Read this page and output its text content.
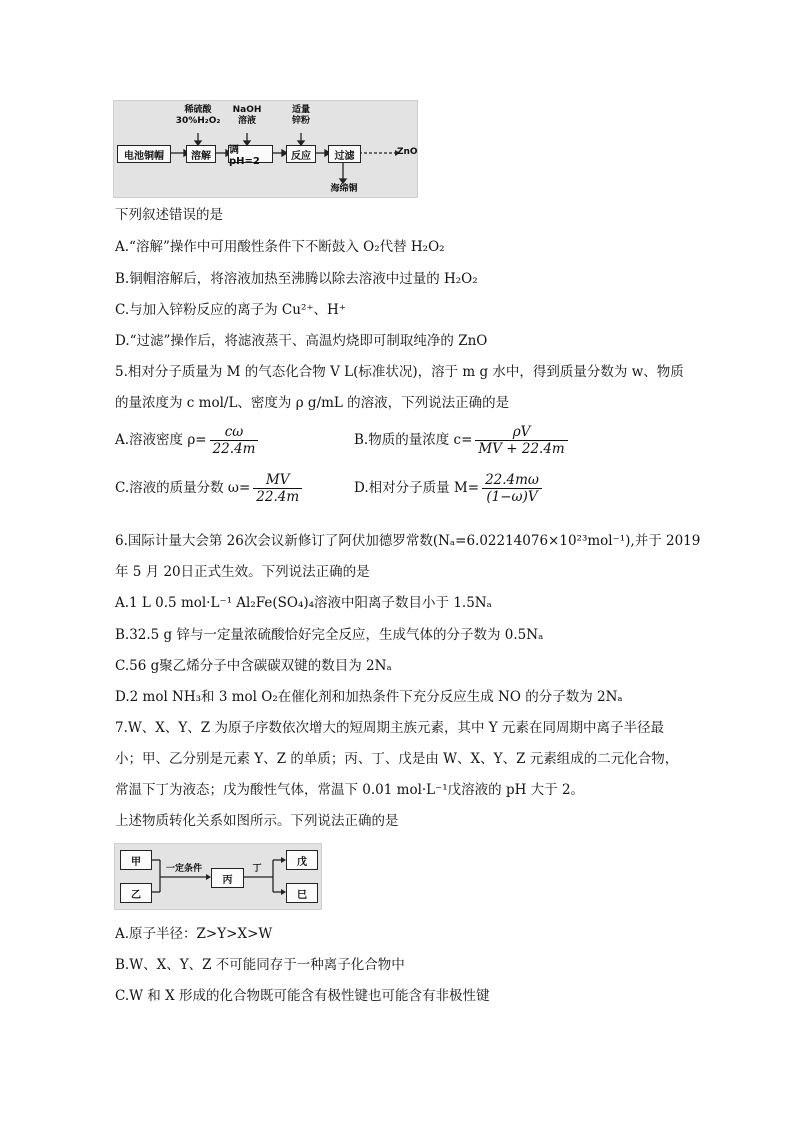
电池铜帽	溶解	调 pH=2	反应	过滤
稀硫酸
30%H₂O₂
NaOH
溶液
适量
锌粉
ZnO
海绵铜
下列叙述错误的是
A.“溶解”操作中可用酸性条件下不断鼓入 O₂代替 H₂O₂
B.铜帽溶解后，将溶液加热至沸腾以除去溶液中过量的 H₂O₂
C.与加入锌粉反应的离子为 Cu²⁺、H⁺
D.“过滤”操作后，将滤液蒸干、高温灼烧即可制取纯净的 ZnO
5.相对分子质量为 M 的气态化合物 V L(标准状况)，溶于 m g 水中，得到质量分数为 w、物质
的量浓度为 c mol/L、密度为 ρ g/mL 的溶液，下列说法正确的是
A.溶液密度 $\rho= \frac{c\omega}{22.4m}$	B.物质的量浓度 $c= \frac{\rho V}{MV + 22.4m}$
C.溶液的质量分数 $\omega= \frac{MV}{22.4m}$	D.相对分子质量 $M= \frac{22.4m\omega}{(1-\omega)V}$
6.国际计量大会第 26次会议新修订了阿伏加德罗常数(Nₐ=6.02214076×10²³mol⁻¹),并于 2019
年 5 月 20日正式生效。下列说法正确的是
A.1 L 0.5 mol·L⁻¹ Al₂Fe(SO₄)₄溶液中阳离子数目小于 1.5Nₐ
B.32.5 g 锌与一定量浓硫酸恰好完全反应，生成气体的分子数为 0.5Nₐ
C.56 g聚乙烯分子中含碳碳双键的数目为 2Nₐ
D.2 mol NH₃和 3 mol O₂在催化剂和加热条件下充分反应生成 NO 的分子数为 2Nₐ
7.W、X、Y、Z 为原子序数依次增大的短周期主族元素，其中 Y 元素在同周期中离子半径最
小；甲、乙分别是元素 Y、Z 的单质；丙、丁、戊是由 W、X、Y、Z 元素组成的二元化合物，
常温下丁为液态；戊为酸性气体，常温下 0.01 mol·L⁻¹戊溶液的 pH 大于 2。
上述物质转化关系如图所示。下列说法正确的是
甲
乙
丙
戊
巳
一定条件	丁
A.原子半径：Z>Y>X>W
B.W、X、Y、Z 不可能同存于一种离子化合物中
C.W 和 X 形成的化合物既可能含有极性键也可能含有非极性键
